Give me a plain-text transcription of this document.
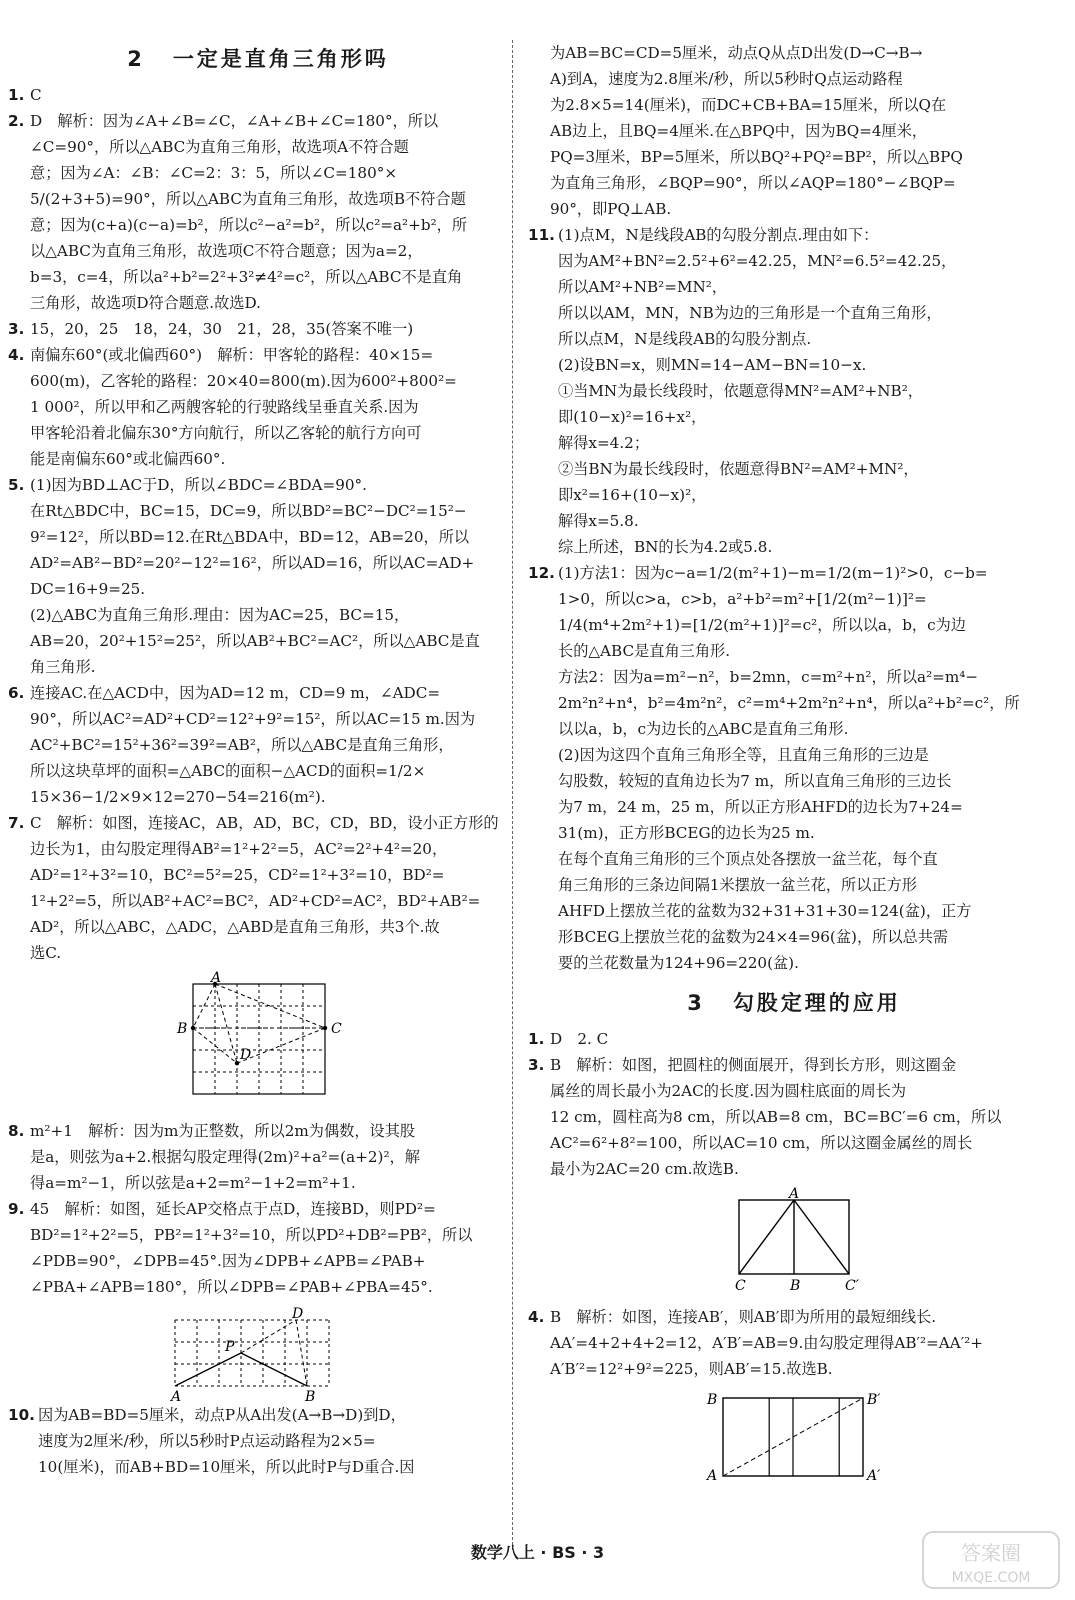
2 一定是直角三角形吗
1. C
2. D　解析：因为∠A+∠B=∠C，∠A+∠B+∠C=180°，所以
∠C=90°，所以△ABC为直角三角形，故选项A不符合题
意；因为∠A：∠B：∠C=2：3：5，所以∠C=180°×
5/(2+3+5)=90°，所以△ABC为直角三角形，故选项B不符合题
意；因为(c+a)(c−a)=b²，所以c²−a²=b²，所以c²=a²+b²，所
以△ABC为直角三角形，故选项C不符合题意；因为a=2，
b=3，c=4，所以a²+b²=2²+3²≠4²=c²，所以△ABC不是直角
三角形，故选项D符合题意.故选D.
3. 15，20，25　18，24，30　21，28，35(答案不唯一)
4. 南偏东60°(或北偏西60°)　解析：甲客轮的路程：40×15=
600(m)，乙客轮的路程：20×40=800(m).因为600²+800²=
1 000²，所以甲和乙两艘客轮的行驶路线呈垂直关系.因为
甲客轮沿着北偏东30°方向航行，所以乙客轮的航行方向可
能是南偏东60°或北偏西60°.
5. (1)因为BD⊥AC于D，所以∠BDC=∠BDA=90°.
在Rt△BDC中，BC=15，DC=9，所以BD²=BC²−DC²=15²−
9²=12²，所以BD=12.在Rt△BDA中，BD=12，AB=20，所以
AD²=AB²−BD²=20²−12²=16²，所以AD=16，所以AC=AD+
DC=16+9=25.
(2)△ABC为直角三角形.理由：因为AC=25，BC=15，
AB=20，20²+15²=25²，所以AB²+BC²=AC²，所以△ABC是直
角三角形.
6. 连接AC.在△ACD中，因为AD=12 m，CD=9 m，∠ADC=
90°，所以AC²=AD²+CD²=12²+9²=15²，所以AC=15 m.因为
AC²+BC²=15²+36²=39²=AB²，所以△ABC是直角三角形，
所以这块草坪的面积=△ABC的面积−△ACD的面积=1/2×
15×36−1/2×9×12=270−54=216(m²).
7. C　解析：如图，连接AC，AB，AD，BC，CD，BD，设小正方形的
边长为1，由勾股定理得AB²=1²+2²=5，AC²=2²+4²=20，
AD²=1²+3²=10，BC²=5²=25，CD²=1²+3²=10，BD²=
1²+2²=5，所以AB²+AC²=BC²，AD²+CD²=AC²，BD²+AB²=
AD²，所以△ABC，△ADC，△ABD是直角三角形，共3个.故
选C.
A
B	C
D
8. m²+1　解析：因为m为正整数，所以2m为偶数，设其股
是a，则弦为a+2.根据勾股定理得(2m)²+a²=(a+2)²，解
得a=m²−1，所以弦是a+2=m²−1+2=m²+1.
9. 45　解析：如图，延长AP交格点于点D，连接BD，则PD²=
BD²=1²+2²=5，PB²=1²+3²=10，所以PD²+DB²=PB²，所以
∠PDB=90°，∠DPB=45°.因为∠DPB+∠APB=∠PAB+
∠PBA+∠APB=180°，所以∠DPB=∠PAB+∠PBA=45°.
A	B
P
D
10. 因为AB=BD=5厘米，动点P从A出发(A→B→D)到D，
速度为2厘米/秒，所以5秒时P点运动路程为2×5=
10(厘米)，而AB+BD=10厘米，所以此时P与D重合.因
为AB=BC=CD=5厘米，动点Q从点D出发(D→C→B→
A)到A，速度为2.8厘米/秒，所以5秒时Q点运动路程
为2.8×5=14(厘米)，而DC+CB+BA=15厘米，所以Q在
AB边上，且BQ=4厘米.在△BPQ中，因为BQ=4厘米，
PQ=3厘米，BP=5厘米，所以BQ²+PQ²=BP²，所以△BPQ
为直角三角形，∠BQP=90°，所以∠AQP=180°−∠BQP=
90°，即PQ⊥AB.
11. (1)点M，N是线段AB的勾股分割点.理由如下：
因为AM²+BN²=2.5²+6²=42.25，MN²=6.5²=42.25，
所以AM²+NB²=MN²，
所以以AM，MN，NB为边的三角形是一个直角三角形，
所以点M，N是线段AB的勾股分割点.
(2)设BN=x，则MN=14−AM−BN=10−x.
①当MN为最长线段时，依题意得MN²=AM²+NB²，
即(10−x)²=16+x²，
解得x=4.2；
②当BN为最长线段时，依题意得BN²=AM²+MN²，
即x²=16+(10−x)²，
解得x=5.8.
综上所述，BN的长为4.2或5.8.
12. (1)方法1：因为c−a=1/2(m²+1)−m=1/2(m−1)²>0，c−b=
1>0，所以c>a，c>b，a²+b²=m²+[1/2(m²−1)]²=
1/4(m⁴+2m²+1)=[1/2(m²+1)]²=c²，所以以a，b，c为边
长的△ABC是直角三角形.
方法2：因为a=m²−n²，b=2mn，c=m²+n²，所以a²=m⁴−
2m²n²+n⁴，b²=4m²n²，c²=m⁴+2m²n²+n⁴，所以a²+b²=c²，所
以以a，b，c为边长的△ABC是直角三角形.
(2)因为这四个直角三角形全等，且直角三角形的三边是
勾股数，较短的直角边长为7 m，所以直角三角形的三边长
为7 m，24 m，25 m，所以正方形AHFD的边长为7+24=
31(m)，正方形BCEG的边长为25 m.
在每个直角三角形的三个顶点处各摆放一盆兰花，每个直
角三角形的三条边间隔1米摆放一盆兰花，所以正方形
AHFD上摆放兰花的盆数为32+31+31+30=124(盆)，正方
形BCEG上摆放兰花的盆数为24×4=96(盆)，所以总共需
要的兰花数量为124+96=220(盆).
3 勾股定理的应用
1. D　2. C
3. B　解析：如图，把圆柱的侧面展开，得到长方形，则这圈金
属丝的周长最小为2AC的长度.因为圆柱底面的周长为
12 cm，圆柱高为8 cm，所以AB=8 cm，BC=BC′=6 cm，所以
AC²=6²+8²=100，所以AC=10 cm，所以这圈金属丝的周长
最小为2AC=20 cm.故选B.
A
C	B	C′
4. B　解析：如图，连接AB′，则AB′即为所用的最短细线长.
AA′=4+2+4+2=12，A′B′=AB=9.由勾股定理得AB′²=AA′²+
A′B′²=12²+9²=225，则AB′=15.故选B.
B	B′
A	A′
数学八上 · BS · 3	答案圈
MXQE.COM
